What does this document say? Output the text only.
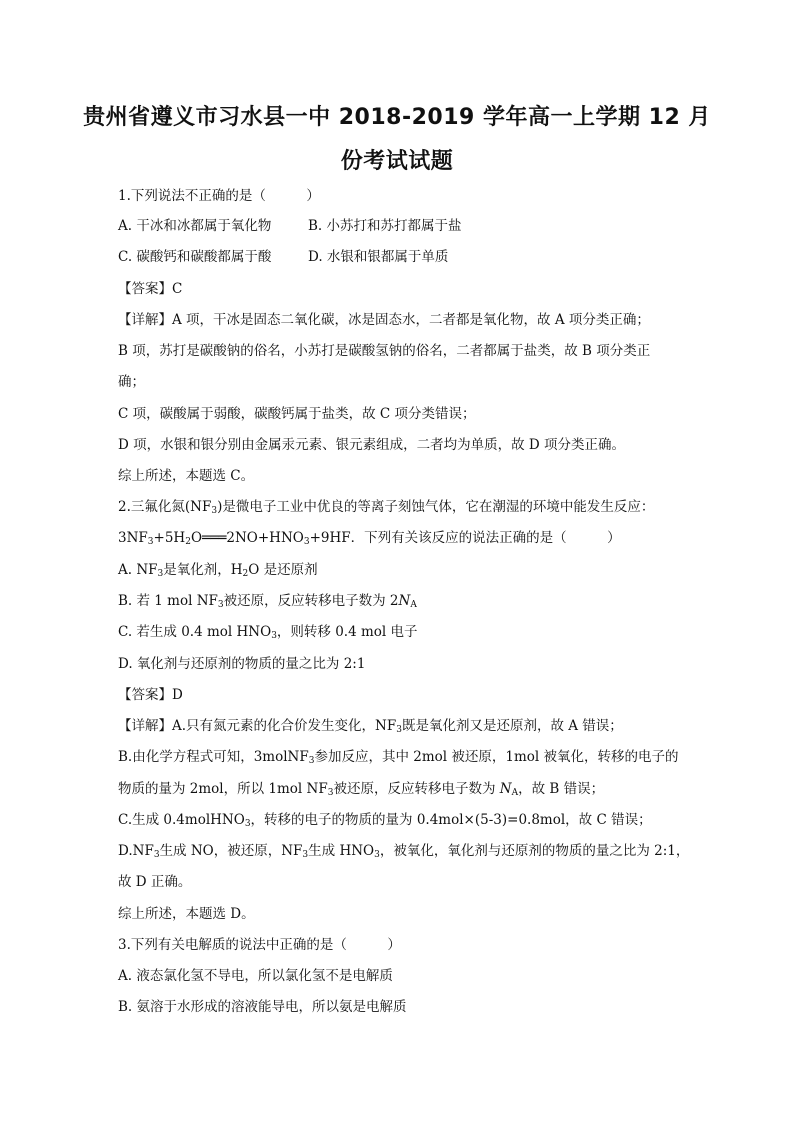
贵州省遵义市习水县一中 2018-2019 学年高一上学期 12 月
份考试试题
1.下列说法不正确的是（　　　）
A. 干冰和冰都属于氧化物	B. 小苏打和苏打都属于盐
C. 碳酸钙和碳酸都属于酸	D. 水银和银都属于单质
【答案】C
【详解】A 项，干冰是固态二氧化碳，冰是固态水，二者都是氧化物，故 A 项分类正确；
B 项，苏打是碳酸钠的俗名，小苏打是碳酸氢钠的俗名，二者都属于盐类，故 B 项分类正
确；
C 项，碳酸属于弱酸，碳酸钙属于盐类，故 C 项分类错误；
D 项，水银和银分别由金属汞元素、银元素组成，二者均为单质，故 D 项分类正确。
综上所述，本题选 C。
2.三氟化氮$(NF_3)$是微电子工业中优良的等离子刻蚀气体，它在潮湿的环境中能发生反应：
$3NF_3+5H_2O═══2NO+HNO_3+9HF$．下列有关该反应的说法正确的是（　　　）
A. $NF_3$是氧化剂，$H_2O$ 是还原剂
B. 若 1 mol $NF_3$被还原，反应转移电子数为 $2N_A$
C. 若生成 0.4 mol $HNO_3$，则转移 0.4 mol 电子
D. 氧化剂与还原剂的物质的量之比为 2:1
【答案】D
【详解】A.只有氮元素的化合价发生变化，$NF_3$既是氧化剂又是还原剂，故 A 错误；
B.由化学方程式可知，3molNF$_3$参加反应，其中 2mol 被还原，1mol 被氧化，转移的电子的
物质的量为 2mol，所以 1mol $NF_3$被还原，反应转移电子数为 $N_A$，故 B 错误；
C.生成 0.4molHNO$_3$，转移的电子的物质的量为 0.4mol×(5-3)=0.8mol，故 C 错误；
$D.NF_3$生成 NO，被还原，$NF_3$生成 $HNO_3$，被氧化，氧化剂与还原剂的物质的量之比为 2:1，
故 D 正确。
综上所述，本题选 D。
3.下列有关电解质的说法中正确的是（　　　）
A. 液态氯化氢不导电，所以氯化氢不是电解质
B. 氨溶于水形成的溶液能导电，所以氨是电解质
